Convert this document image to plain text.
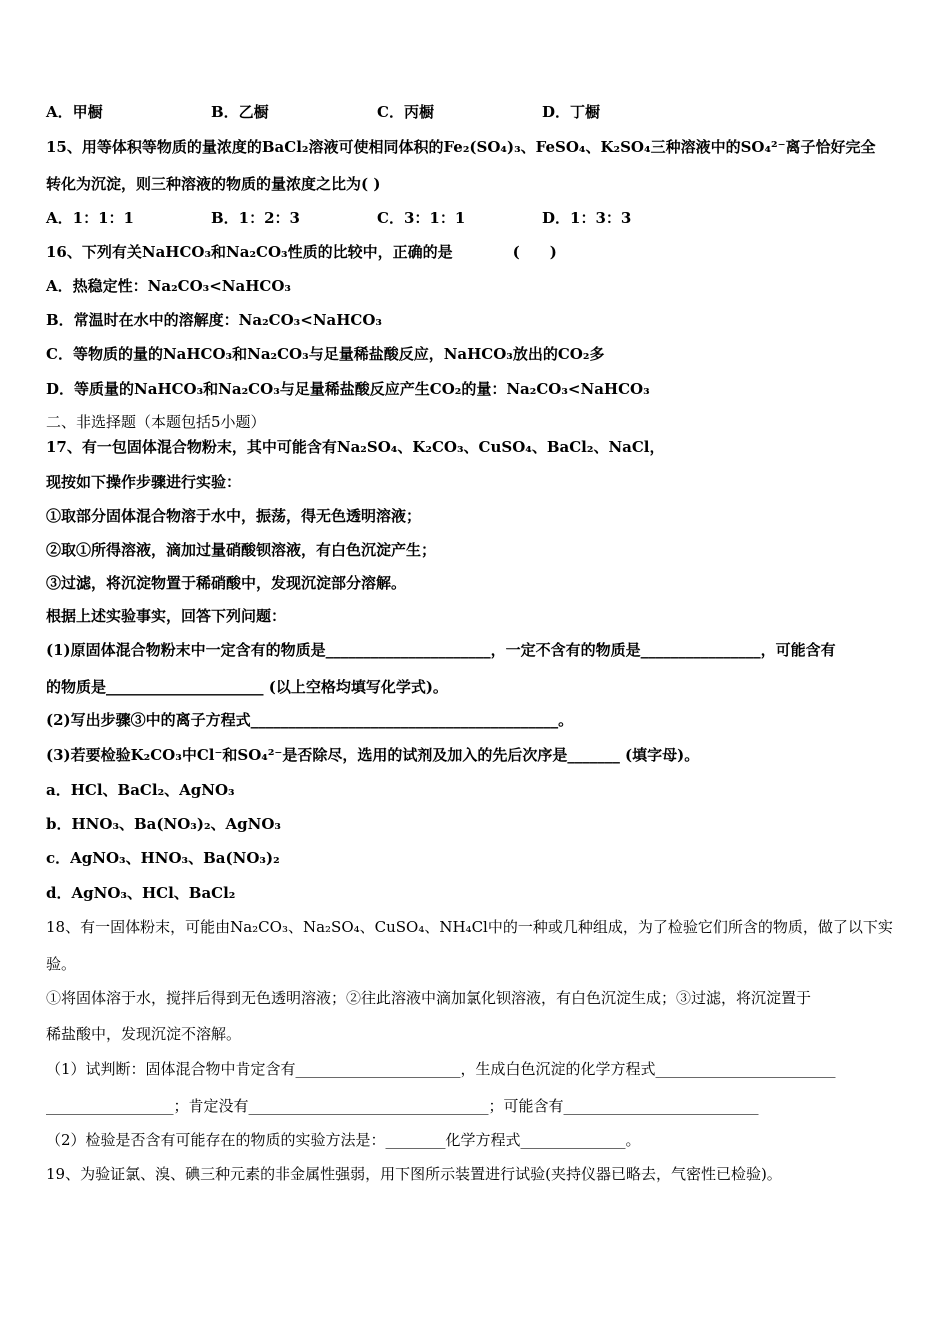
A．甲橱	B．乙橱	C．丙橱	D．丁橱
15、用等体积等物质的量浓度的BaCl₂溶液可使相同体积的Fe₂(SO₄)₃、FeSO₄、K₂SO₄三种溶液中的SO₄²⁻离子恰好完全
转化为沉淀，则三种溶液的物质的量浓度之比为( )
A．1：1：1	B．1：2：3	C．3：1：1	D．1：3：3
16、下列有关NaHCO₃和Na₂CO₃性质的比较中，正确的是　　　　(　　)
A．热稳定性：Na₂CO₃<NaHCO₃
B．常温时在水中的溶解度：Na₂CO₃<NaHCO₃
C．等物质的量的NaHCO₃和Na₂CO₃与足量稀盐酸反应，NaHCO₃放出的CO₂多
D．等质量的NaHCO₃和Na₂CO₃与足量稀盐酸反应产生CO₂的量：Na₂CO₃<NaHCO₃
二、非选择题（本题包括5小题）
17、有一包固体混合物粉末，其中可能含有Na₂SO₄、K₂CO₃、CuSO₄、BaCl₂、NaCl，
现按如下操作步骤进行实验：
①取部分固体混合物溶于水中，振荡，得无色透明溶液；
②取①所得溶液，滴加过量硝酸钡溶液，有白色沉淀产生；
③过滤，将沉淀物置于稀硝酸中，发现沉淀部分溶解。
根据上述实验事实，回答下列问题：
(1)原固体混合物粉末中一定含有的物质是______________________，一定不含有的物质是________________，可能含有
的物质是_____________________ (以上空格均填写化学式)。
(2)写出步骤③中的离子方程式_________________________________________。
(3)若要检验K₂CO₃中Cl⁻和SO₄²⁻是否除尽，选用的试剂及加入的先后次序是_______ (填字母)。
a．HCl、BaCl₂、AgNO₃
b．HNO₃、Ba(NO₃)₂、AgNO₃
c．AgNO₃、HNO₃、Ba(NO₃)₂
d．AgNO₃、HCl、BaCl₂
18、有一固体粉末，可能由Na₂CO₃、Na₂SO₄、CuSO₄、NH₄Cl中的一种或几种组成，为了检验它们所含的物质，做了以下实
验。
①将固体溶于水，搅拌后得到无色透明溶液；②往此溶液中滴加氯化钡溶液，有白色沉淀生成；③过滤，将沉淀置于
稀盐酸中，发现沉淀不溶解。
（1）试判断：固体混合物中肯定含有______________________，生成白色沉淀的化学方程式________________________
_________________；肯定没有________________________________；可能含有__________________________
（2）检验是否含有可能存在的物质的实验方法是：________化学方程式______________。
19、为验证氯、溴、碘三种元素的非金属性强弱，用下图所示装置进行试验(夹持仪器已略去，气密性已检验)。
